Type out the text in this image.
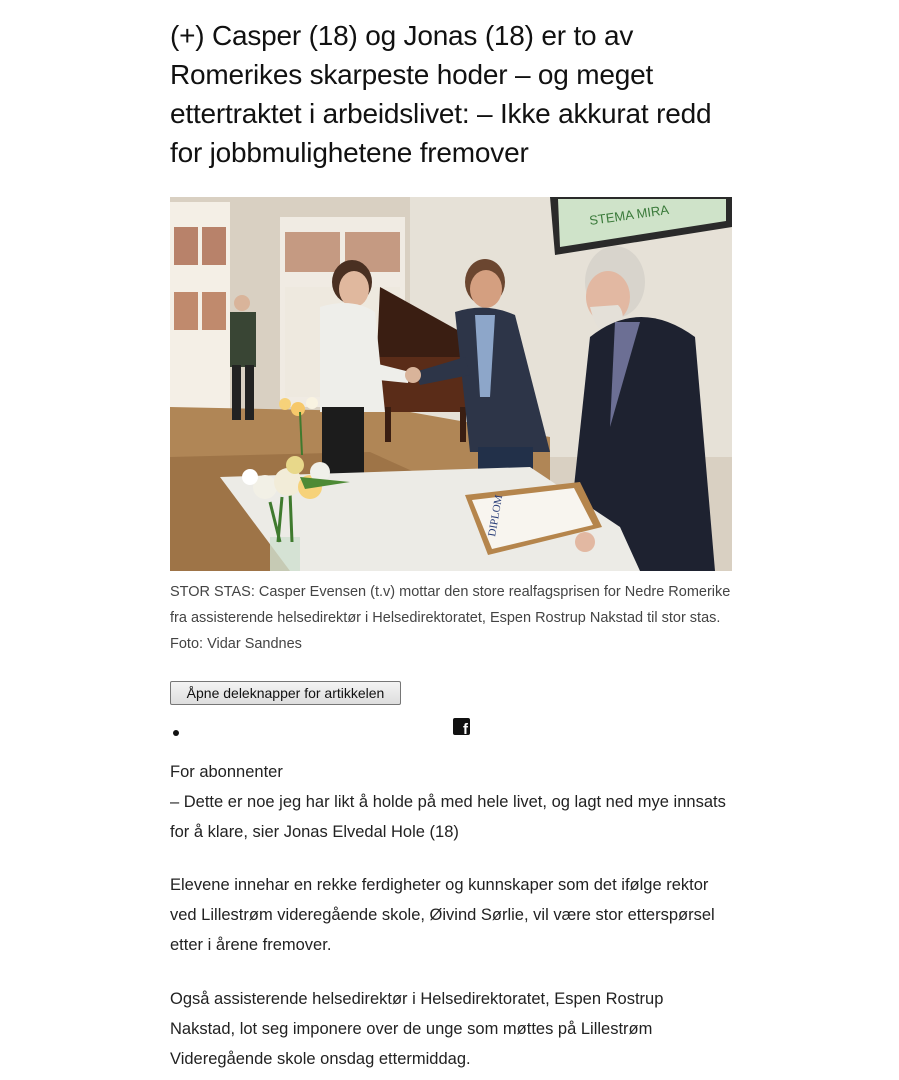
(+) Casper (18) og Jonas (18) er to av Romerikes skarpeste hoder – og meget ettertraktet i arbeidslivet: – Ikke akkurat redd for jobbmulighetene fremover
STEMA MIRA
DIPLOM
STOR STAS: Casper Evensen (t.v) mottar den store realfagsprisen for Nedre Romerike fra assisterende helsedirektør i Helsedirektoratet, Espen Rostrup Nakstad til stor stas. Foto: Vidar Sandnes
Åpne deleknapper for artikkelen
f
For abonnenter

– Dette er noe jeg har likt å holde på med hele livet, og lagt ned mye innsats for å klare, sier Jonas Elvedal Hole (18)

Elevene innehar en rekke ferdigheter og kunnskaper som det ifølge rektor ved Lillestrøm videregående skole, Øivind Sørlie, vil være stor etterspørsel etter i årene fremover.

Også assisterende helsedirektør i Helsedirektoratet, Espen Rostrup Nakstad, lot seg imponere over de unge som møttes på Lillestrøm Videregående skole onsdag ettermiddag.
